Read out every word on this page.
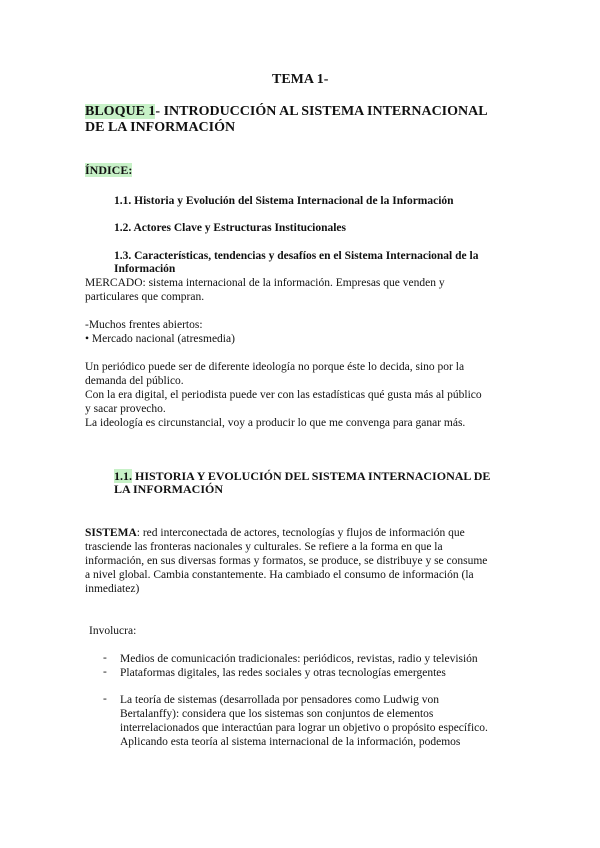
TEMA 1-
BLOQUE 1- INTRODUCCIÓN AL SISTEMA INTERNACIONAL
DE LA INFORMACIÓN
ÍNDICE:
1.1. Historia y Evolución del Sistema Internacional de la Información
1.2. Actores Clave y Estructuras Institucionales
1.3. Características, tendencias y desafíos en el Sistema Internacional de la
Información
MERCADO: sistema internacional de la información. Empresas que venden y
particulares que compran.
-Muchos frentes abiertos:
• Mercado nacional (atresmedia)
Un periódico puede ser de diferente ideología no porque éste lo decida, sino por la
demanda del público.
Con la era digital, el periodista puede ver con las estadísticas qué gusta más al público
y sacar provecho.
La ideología es circunstancial, voy a producir lo que me convenga para ganar más.
1.1. HISTORIA Y EVOLUCIÓN DEL SISTEMA INTERNACIONAL DE
LA INFORMACIÓN
SISTEMA: red interconectada de actores, tecnologías y flujos de información que
trasciende las fronteras nacionales y culturales. Se refiere a la forma en que la
información, en sus diversas formas y formatos, se produce, se distribuye y se consume
a nivel global. Cambia constantemente. Ha cambiado el consumo de información (la
inmediatez)
Involucra:
- Medios de comunicación tradicionales: periódicos, revistas, radio y televisión
- Plataformas digitales, las redes sociales y otras tecnologías emergentes
- La teoría de sistemas (desarrollada por pensadores como Ludwig von
Bertalanffy): considera que los sistemas son conjuntos de elementos
interrelacionados que interactúan para lograr un objetivo o propósito específico.
Aplicando esta teoría al sistema internacional de la información, podemos
